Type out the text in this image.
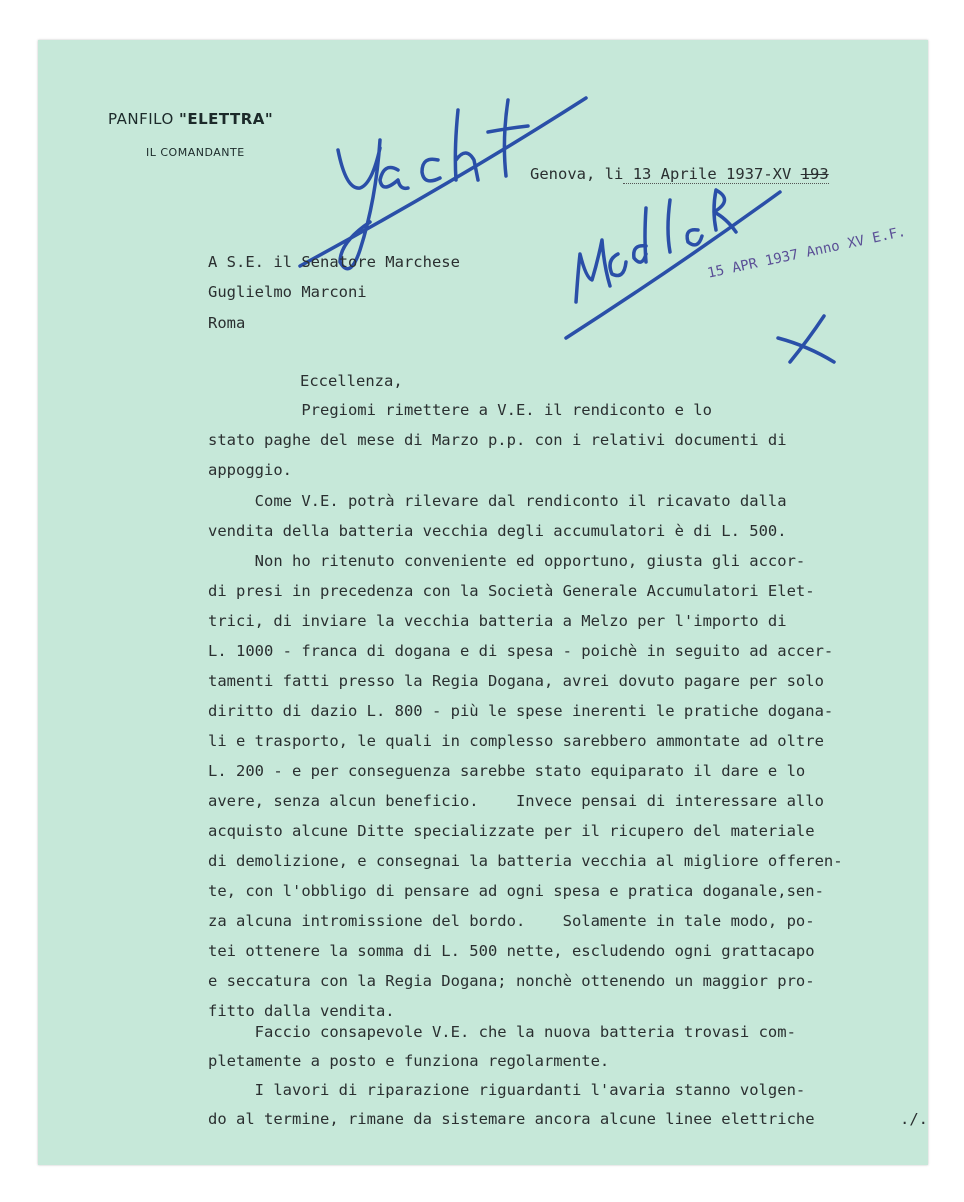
PANFILO "ELETTRA"
IL COMANDANTE
15 APR 1937 Anno XV E.F.
Genova, li 13 Aprile 1937-XV 193
A S.E. il Senatore Marchese
Guglielmo Marconi
Roma
Eccellenza,
Pregiomi rimettere a V.E. il rendiconto e lo
stato paghe del mese di Marzo p.p. con i relativi documenti di
appoggio.
Come V.E. potrà rilevare dal rendiconto il ricavato dalla
vendita della batteria vecchia degli accumulatori è di L. 500.
Non ho ritenuto conveniente ed opportuno, giusta gli accor-
di presi in precedenza con la Società Generale Accumulatori Elet-
trici, di inviare la vecchia batteria a Melzo per l'importo di
L. 1000 - franca di dogana e di spesa - poichè in seguito ad accer-
tamenti fatti presso la Regia Dogana, avrei dovuto pagare per solo
diritto di dazio L. 800 - più le spese inerenti le pratiche dogana-
li e trasporto, le quali in complesso sarebbero ammontate ad oltre
L. 200 - e per conseguenza sarebbe stato equiparato il dare e lo
avere, senza alcun beneficio.    Invece pensai di interessare allo
acquisto alcune Ditte specializzate per il ricupero del materiale
di demolizione, e consegnai la batteria vecchia al migliore offeren-
te, con l'obbligo di pensare ad ogni spesa e pratica doganale,sen-
za alcuna intromissione del bordo.    Solamente in tale modo, po-
tei ottenere la somma di L. 500 nette, escludendo ogni grattacapo
e seccatura con la Regia Dogana; nonchè ottenendo un maggior pro-
fitto dalla vendita.
Faccio consapevole V.E. che la nuova batteria trovasi com-
pletamente a posto e funziona regolarmente.
I lavori di riparazione riguardanti l'avaria stanno volgen-
do al termine, rimane da sistemare ancora alcune linee elettriche	./.
